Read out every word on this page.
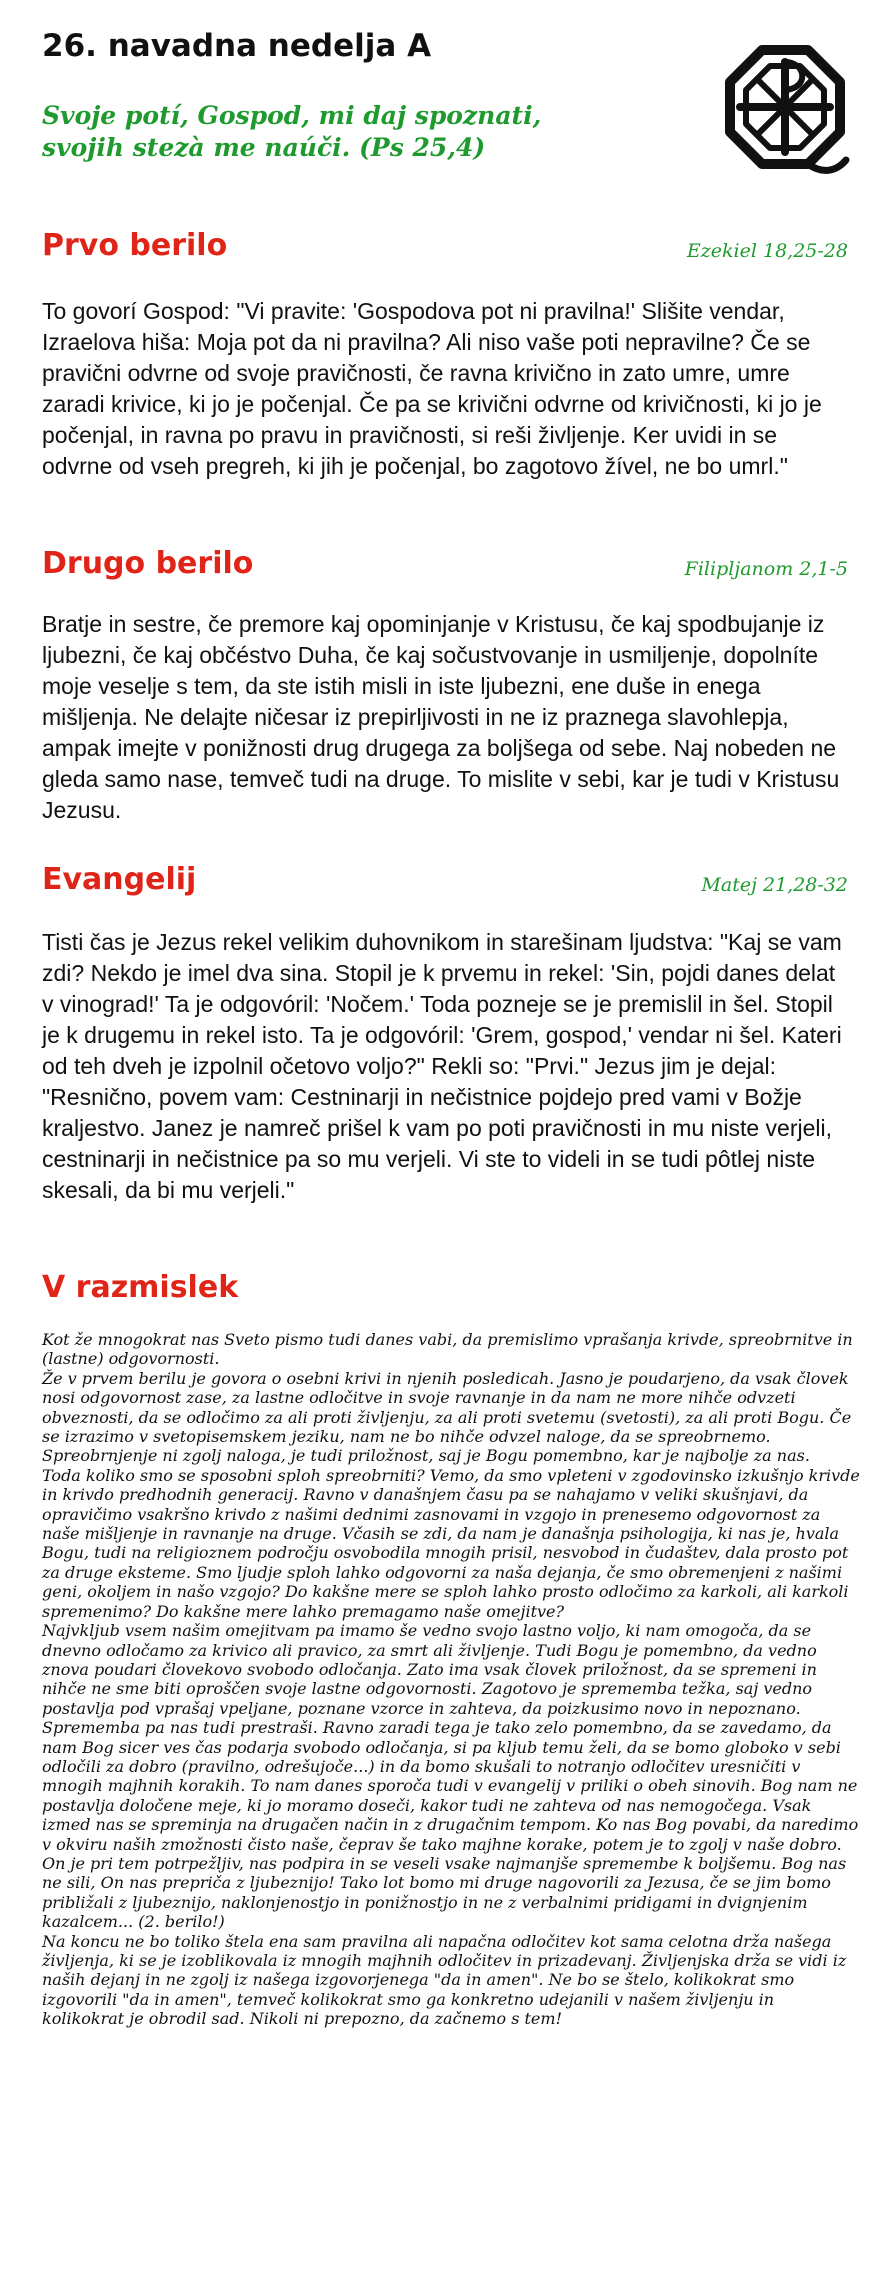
26. navadna nedelja A

Svoje potí, Gospod, mi daj spoznati,
svojih stezà me naúči. (Ps 25,4)

Prvo berilo	Ezekiel 18,25-28

To govorí Gospod: "Vi pravite: 'Gospodova pot ni pravilna!' Slišite vendar, Izraelova hiša: Moja pot da ni pravilna? Ali niso vaše poti nepravilne? Če se pravični odvrne od svoje pravičnosti, če ravna krivično in zato umre, umre zaradi krivice, ki jo je počenjal. Če pa se krivični odvrne od krivičnosti, ki jo je počenjal, in ravna po pravu in pravičnosti, si reši življenje. Ker uvidi in se odvrne od vseh pregreh, ki jih je počenjal, bo zagotovo žível, ne bo umrl."

Drugo berilo	Filipljanom 2,1-5

Bratje in sestre, če premore kaj opominjanje v Kristusu, če kaj spodbujanje iz ljubezni, če kaj občéstvo Duha, če kaj sočustvovanje in usmiljenje, dopolníte moje veselje s tem, da ste istih misli in iste ljubezni, ene duše in enega mišljenja. Ne delajte ničesar iz prepirljivosti in ne iz praznega slavohlepja, ampak imejte v ponižnosti drug drugega za boljšega od sebe. Naj nobeden ne gleda samo nase, temveč tudi na druge. To mislite v sebi, kar je tudi v Kristusu Jezusu.

Evangelij	Matej 21,28-32

Tisti čas je Jezus rekel velikim duhovnikom in starešinam ljudstva: "Kaj se vam zdi? Nekdo je imel dva sina. Stopil je k prvemu in rekel: 'Sin, pojdi danes delat v vinograd!' Ta je odgovóril: 'Nočem.' Toda pozneje se je premislil in šel. Stopil je k drugemu in rekel isto. Ta je odgovóril: 'Grem, gospod,' vendar ni šel. Kateri od teh dveh je izpolnil očetovo voljo?" Rekli so: "Prvi." Jezus jim je dejal: "Resnično, povem vam: Cestninarji in nečistnice pojdejo pred vami v Božje kraljestvo. Janez je namreč prišel k vam po poti pravičnosti in mu niste verjeli, cestninarji in nečistnice pa so mu verjeli. Vi ste to videli in se tudi pôtlej niste skesali, da bi mu verjeli."

V razmislek

Kot že mnogokrat nas Sveto pismo tudi danes vabi, da premislimo vprašanja krivde, spreobrnitve in (lastne) odgovornosti.

Že v prvem berilu je govora o osebni krivi in njenih posledicah. Jasno je poudarjeno, da vsak človek nosi odgovornost zase, za lastne odločitve in svoje ravnanje in da nam ne more nihče odvzeti obveznosti, da se odločimo za ali proti življenju, za ali proti svetemu (svetosti), za ali proti Bogu. Če se izrazimo v svetopisemskem jeziku, nam ne bo nihče odvzel naloge, da se spreobrnemo. Spreobrnjenje ni zgolj naloga, je tudi priložnost, saj je Bogu pomembno, kar je najbolje za nas.

Toda koliko smo se sposobni sploh spreobrniti? Vemo, da smo vpleteni v zgodovinsko izkušnjo krivde in krivdo predhodnih generacij. Ravno v današnjem času pa se nahajamo v veliki skušnjavi, da opravičimo vsakršno krivdo z našimi dednimi zasnovami in vzgojo in prenesemo odgovornost za naše mišljenje in ravnanje na druge. Včasih se zdi, da nam je današnja psihologija, ki nas je, hvala Bogu, tudi na religioznem področju osvobodila mnogih prisil, nesvobod in čudaštev, dala prosto pot za druge eksteme. Smo ljudje sploh lahko odgovorni za naša dejanja, če smo obremenjeni z našimi geni, okoljem in našo vzgojo? Do kakšne mere se sploh lahko prosto odločimo za karkoli, ali karkoli spremenimo? Do kakšne mere lahko premagamo naše omejitve?

Najvkljub vsem našim omejitvam pa imamo še vedno svojo lastno voljo, ki nam omogoča, da se dnevno odločamo za krivico ali pravico, za smrt ali življenje. Tudi Bogu je pomembno, da vedno znova poudari človekovo svobodo odločanja. Zato ima vsak človek priložnost, da se spremeni in nihče ne sme biti oproščen svoje lastne odgovornosti. Zagotovo je sprememba težka, saj vedno postavlja pod vprašaj vpeljane, poznane vzorce in zahteva, da poizkusimo novo in nepoznano. Sprememba pa nas tudi prestraši. Ravno zaradi tega je tako zelo pomembno, da se zavedamo, da nam Bog sicer ves čas podarja svobodo odločanja, si pa kljub temu želi, da se bomo globoko v sebi odločili za dobro (pravilno, odrešujoče...) in da bomo skušali to notranjo odločitev uresničiti v mnogih majhnih korakih. To nam danes sporoča tudi v evangelij v priliki o obeh sinovih. Bog nam ne postavlja določene meje, ki jo moramo doseči, kakor tudi ne zahteva od nas nemogočega. Vsak izmed nas se spreminja na drugačen način in z drugačnim tempom. Ko nas Bog povabi, da naredimo v okviru naših zmožnosti čisto naše, čeprav še tako majhne korake, potem je to zgolj v naše dobro. On je pri tem potrpežljiv, nas podpira in se veseli vsake najmanjše spremembe k boljšemu. Bog nas ne sili, On nas prepriča z ljubeznijo! Tako lot bomo mi druge nagovorili za Jezusa, če se jim bomo približali z ljubeznijo, naklonjenostjo in ponižnostjo in ne z verbalnimi pridigami in dvignjenim kazalcem... (2. berilo!)

Na koncu ne bo toliko štela ena sam pravilna ali napačna odločitev kot sama celotna drža našega življenja, ki se je izoblikovala iz mnogih majhnih odločitev in prizadevanj. Življenjska drža se vidi iz naših dejanj in ne zgolj iz našega izgovorjenega "da in amen". Ne bo se štelo, kolikokrat smo izgovorili "da in amen", temveč kolikokrat smo ga konkretno udejanili v našem življenju in kolikokrat je obrodil sad. Nikoli ni prepozno, da začnemo s tem!
